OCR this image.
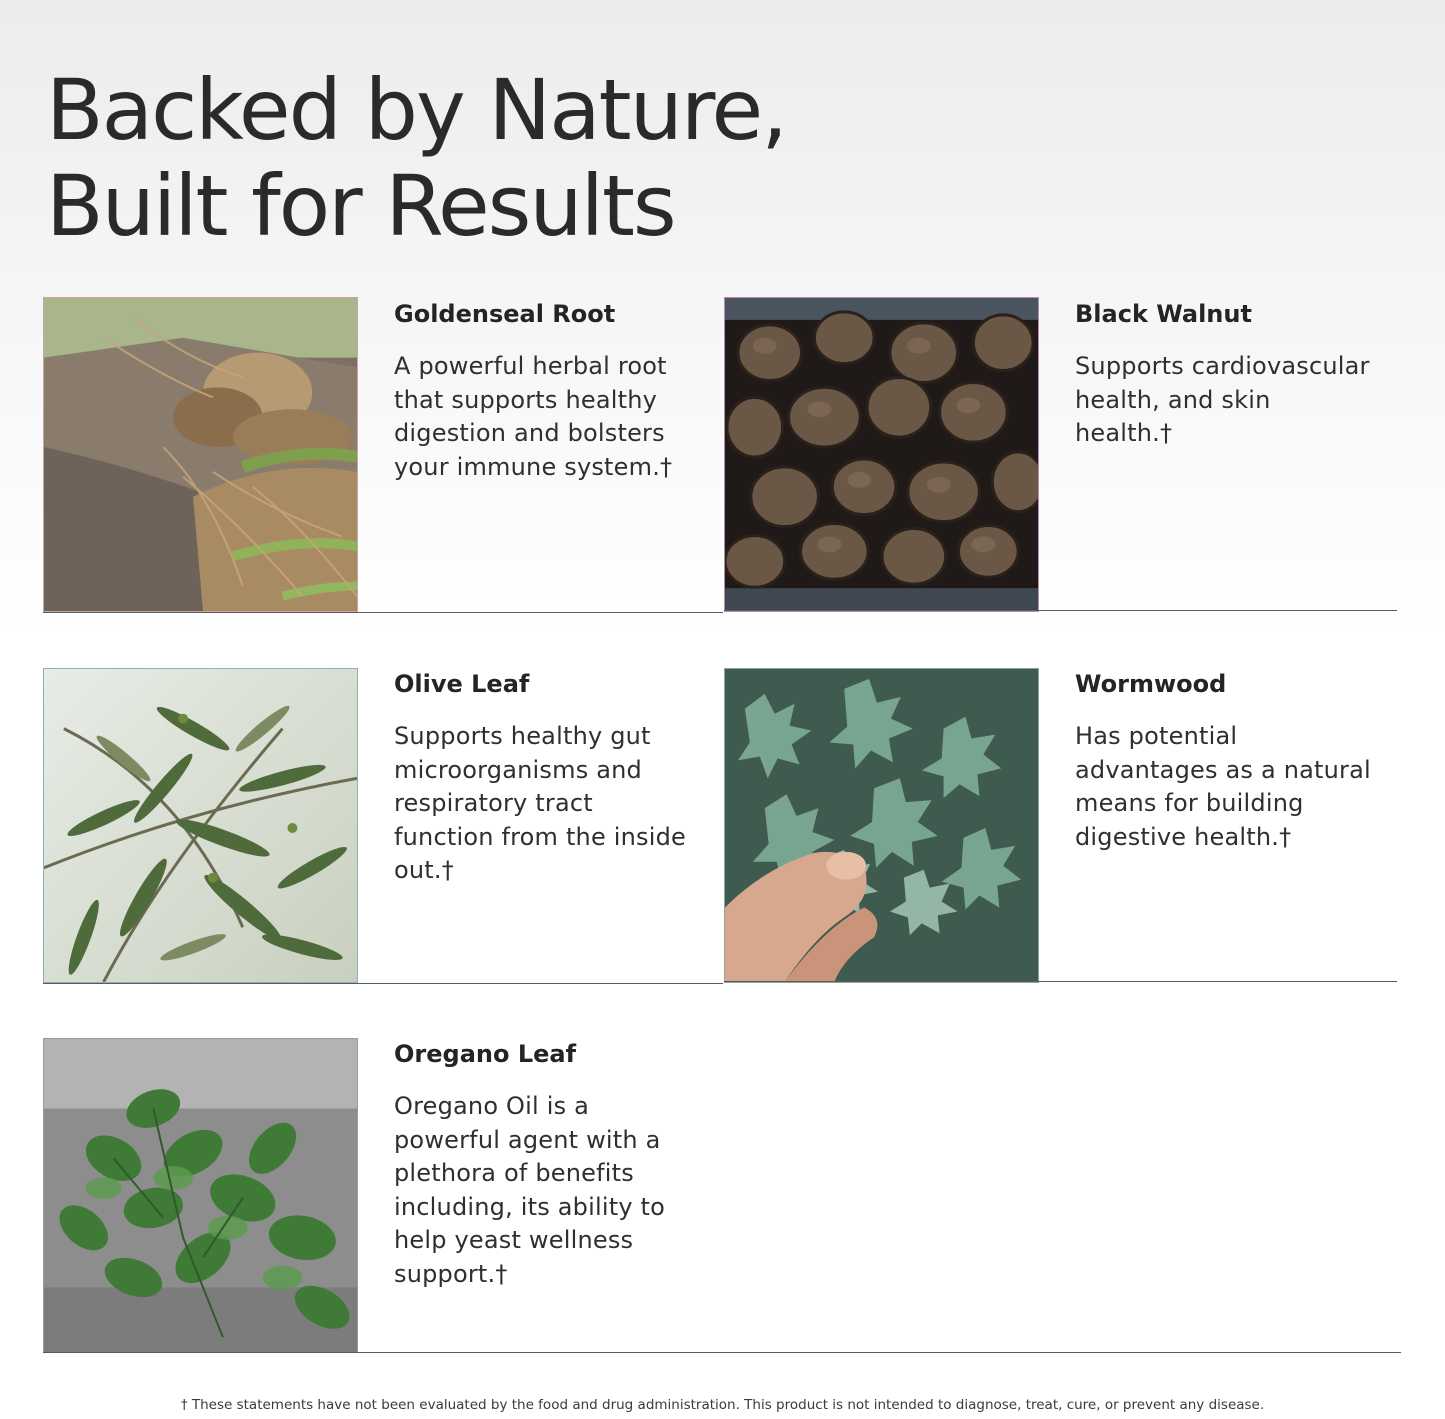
Backed by Nature,
Built for Results
Goldenseal Root

A powerful herbal root that supports healthy digestion and bolsters your immune system.†

Black Walnut

Supports cardiovascular health, and skin health.†

Olive Leaf

Supports healthy gut microorganisms and respiratory tract function from the inside out.†

Wormwood

Has potential advantages as a natural means for building digestive health.†

Oregano Leaf

Oregano Oil is a powerful agent with a plethora of benefits including, its ability to help yeast wellness support.†

† These statements have not been evaluated by the food and drug administration. This product is not intended to diagnose, treat, cure, or prevent any disease.
